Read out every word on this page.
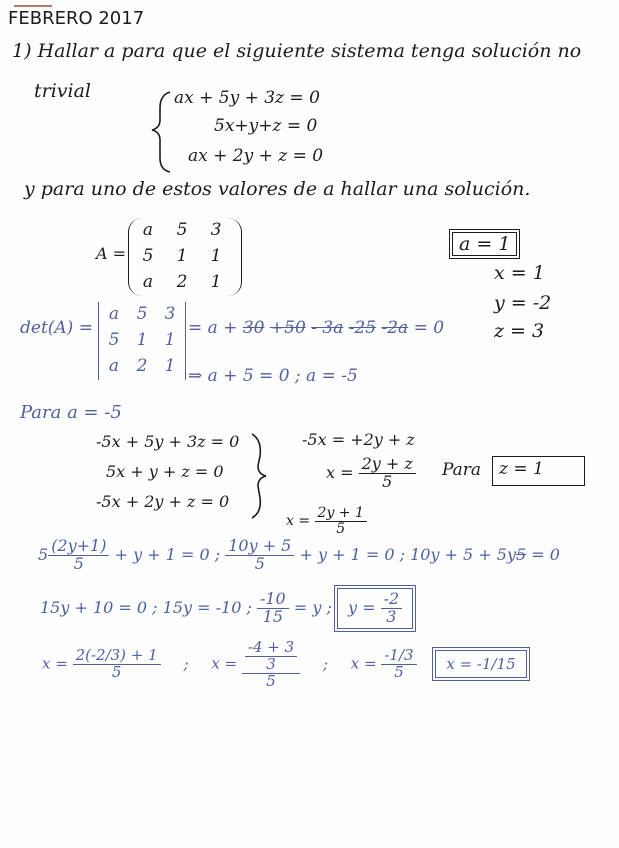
FEBRERO 2017
1) Hallar a para que el siguiente sistema tenga solución no
trivial	ax + 5y + 3z = 0
5x+y+z = 0
ax + 2y + z = 0
y para uno de estos valores de a hallar una solución.
A =
a	5	3
5	1	1
a	2	1
a = 1
x = 1
y = -2
z = 3
det(A) =
a	5	3
5	1	1
a	2	1
= a + 30 +50 - 3a -25 -2a = 0
⇒ a + 5 = 0 ; a = -5
Para a = -5
-5x + 5y + 3z = 0
5x + y + z = 0
-5x + 2y + z = 0
-5x = +2y + z
$x = \frac{2y + z}{5}$ Para	z = 1
$x = \frac{2y + 1}{5}$
$5 \frac{(2y+1)}{5} + y + 1 = 0$ ; $\frac{10y + 5}{5} + y + 1 = 0$ ; 10y + 5 + 5y5 = 0
15y + 10 = 0 ; 15y = -10 ; $\frac{-10}{15} = y$ ; $y = \frac{-2}{3}$
$x = \frac{2(-2/3) + 1}{5}$ ; $x = \frac{\frac{-4 + 3}{3}}{5}$ ; $x = \frac{-1/3}{5}$ x = -1/15
